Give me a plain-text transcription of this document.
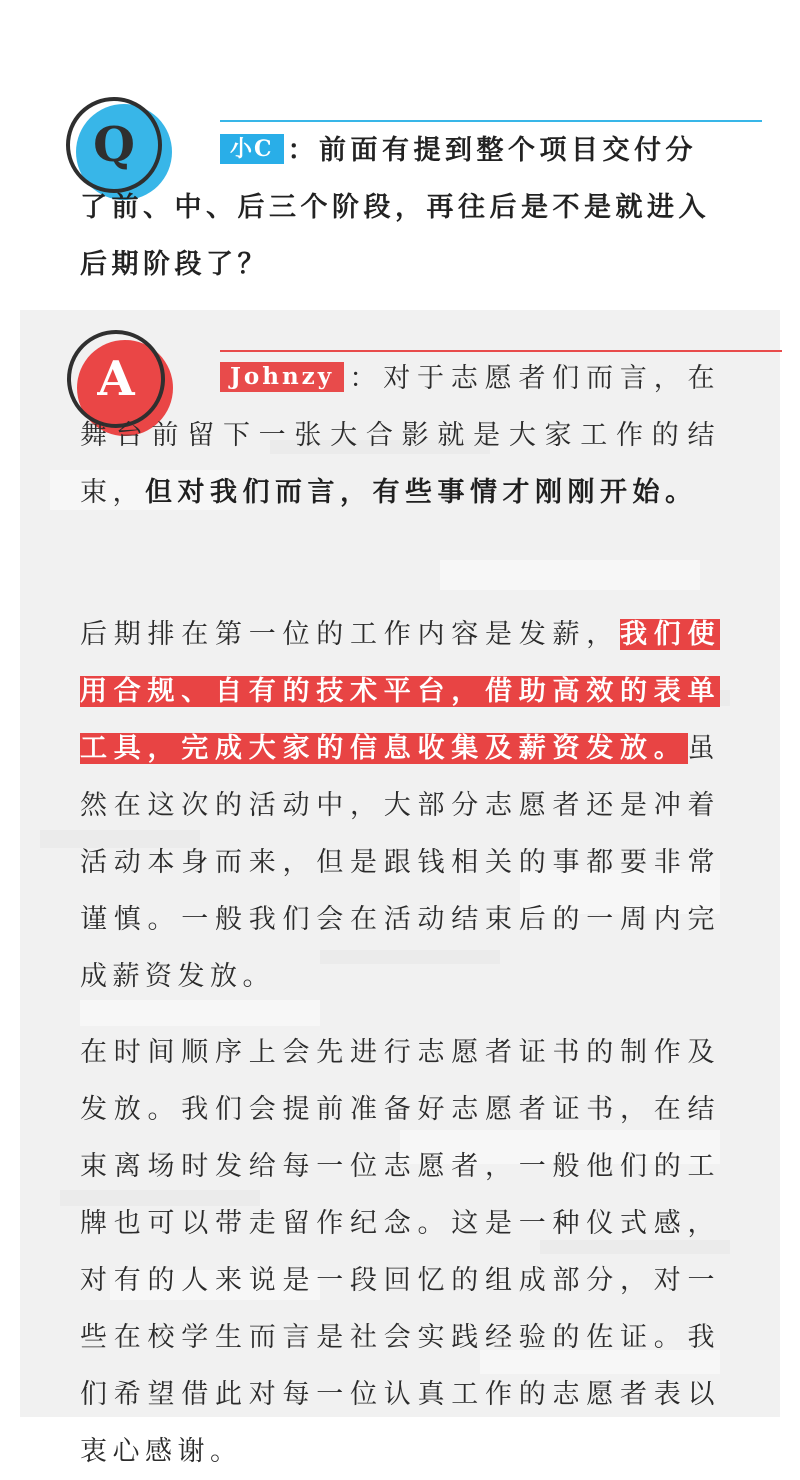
Q	小C ：前面有提到整个项目交付分了前、中、后三个阶段，再往后是不是就进入后期阶段了？
A	Johnzy ：对于志愿者们而言，在舞台前留下一张大合影就是大家工作的结束，但对我们而言，有些事情才刚刚开始。
后期排在第一位的工作内容是发薪，我们使用合规、自有的技术平台，借助高效的表单工具，完成大家的信息收集及薪资发放。虽然在这次的活动中，大部分志愿者还是冲着活动本身而来，但是跟钱相关的事都要非常谨慎。一般我们会在活动结束后的一周内完成薪资发放。
在时间顺序上会先进行志愿者证书的制作及发放。我们会提前准备好志愿者证书，在结束离场时发给每一位志愿者，一般他们的工牌也可以带走留作纪念。这是一种仪式感，对有的人来说是一段回忆的组成部分，对一些在校学生而言是社会实践经验的佐证。我们希望借此对每一位认真工作的志愿者表以衷心感谢。
